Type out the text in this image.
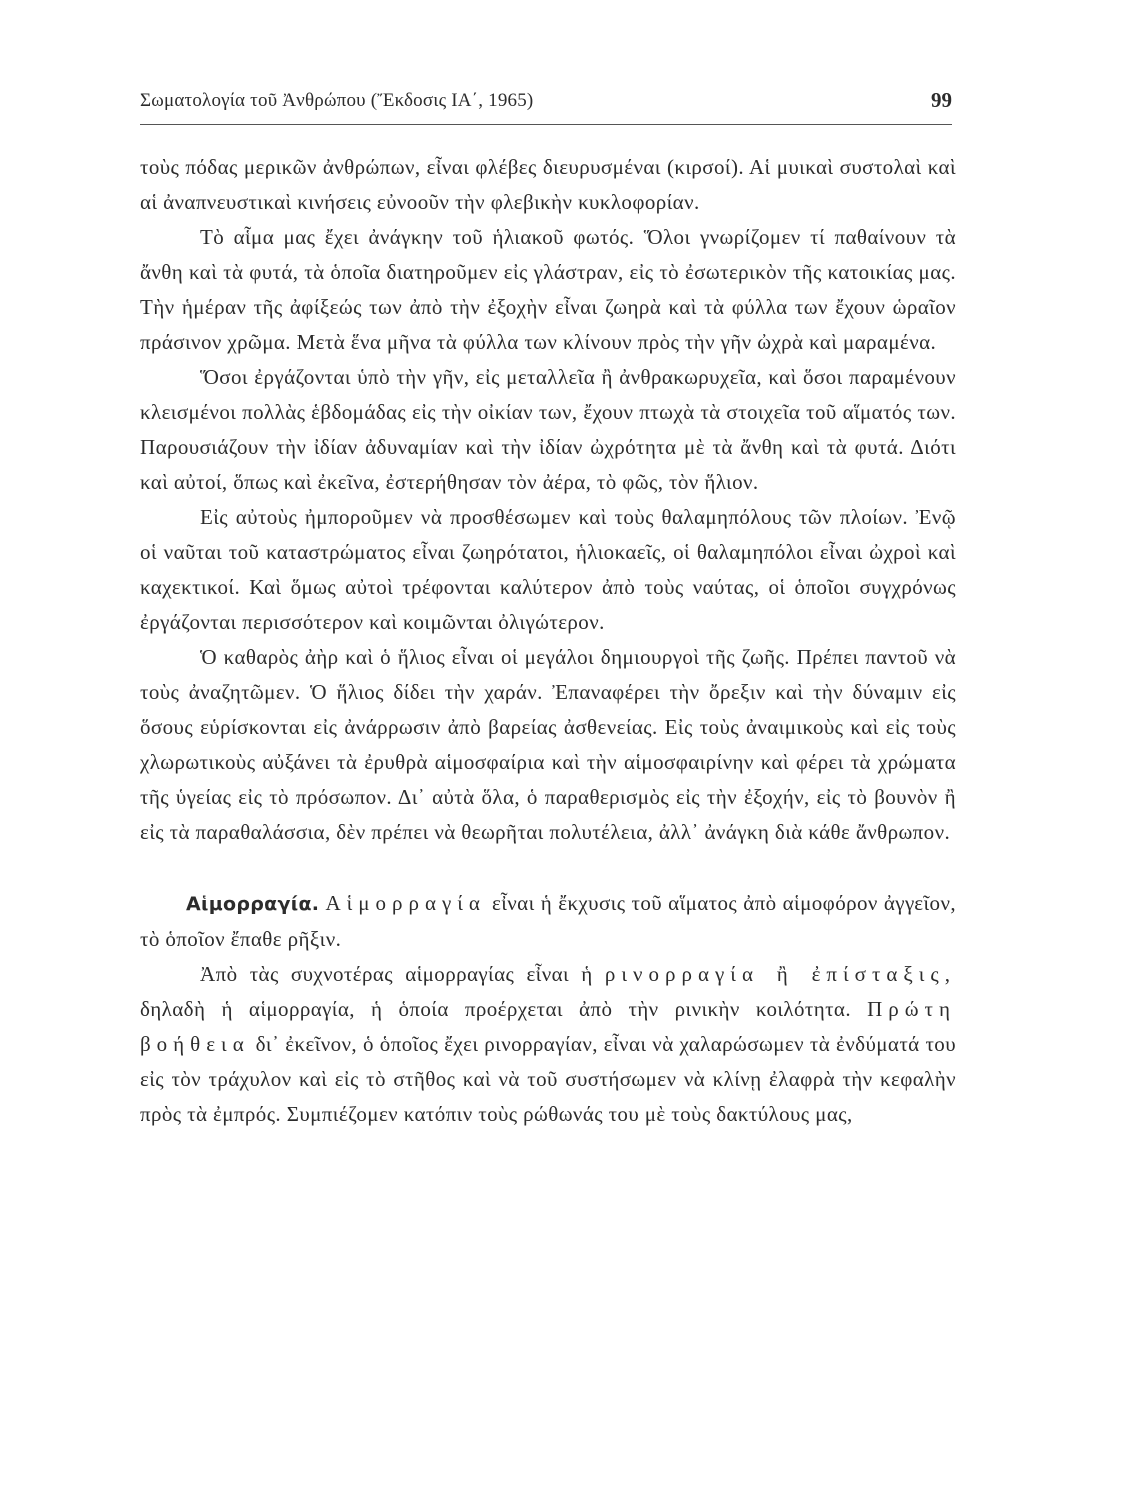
Σωματολογία τοῦ Ἀνθρώπου (Ἔκδοσις ΙΑ΄, 1965)	99

τοὺς πόδας μερικῶν ἀνθρώπων, εἶναι φλέβες διευρυσμέναι (κιρσοί). Αἱ μυικαὶ συστολαὶ καὶ αἱ ἀναπνευστικαὶ κινήσεις εὐνοοῦν τὴν φλεβικὴν κυκλοφορίαν.

Τὸ αἷμα μας ἔχει ἀνάγκην τοῦ ἡλιακοῦ φωτός. Ὅλοι γνωρίζομεν τί παθαίνουν τὰ ἄνθη καὶ τὰ φυτά, τὰ ὁποῖα διατηροῦμεν εἰς γλάστραν, εἰς τὸ ἐσωτερικὸν τῆς κατοικίας μας. Τὴν ἡμέραν τῆς ἀφίξεώς των ἀπὸ τὴν ἐξοχὴν εἶναι ζωηρὰ καὶ τὰ φύλλα των ἔχουν ὡραῖον πράσινον χρῶμα. Μετὰ ἕνα μῆνα τὰ φύλλα των κλίνουν πρὸς τὴν γῆν ὠχρὰ καὶ μαραμένα.

Ὅσοι ἐργάζονται ὑπὸ τὴν γῆν, εἰς μεταλλεῖα ἢ ἀνθρακωρυχεῖα, καὶ ὅσοι παραμένουν κλεισμένοι πολλὰς ἑβδομάδας εἰς τὴν οἰκίαν των, ἔχουν πτωχὰ τὰ στοιχεῖα τοῦ αἵματός των. Παρουσιάζουν τὴν ἰδίαν ἀδυναμίαν καὶ τὴν ἰδίαν ὠχρότητα μὲ τὰ ἄνθη καὶ τὰ φυτά. Διότι καὶ αὐτοί, ὅπως καὶ ἐκεῖνα, ἐστερήθησαν τὸν ἀέρα, τὸ φῶς, τὸν ἥλιον.

Εἰς αὐτοὺς ἠμποροῦμεν νὰ προσθέσωμεν καὶ τοὺς θαλαμηπόλους τῶν πλοίων. Ἐνῷ οἱ ναῦται τοῦ καταστρώματος εἶναι ζωηρότατοι, ἡλιοκαεῖς, οἱ θαλαμηπόλοι εἶναι ὠχροὶ καὶ καχεκτικοί. Καὶ ὅμως αὐτοὶ τρέφονται καλύτερον ἀπὸ τοὺς ναύτας, οἱ ὁποῖοι συγχρόνως ἐργάζονται περισσότερον καὶ κοιμῶνται ὀλιγώτερον.

Ὁ καθαρὸς ἀὴρ καὶ ὁ ἥλιος εἶναι οἱ μεγάλοι δημιουργοὶ τῆς ζωῆς. Πρέπει παντοῦ νὰ τοὺς ἀναζητῶμεν. Ὁ ἥλιος δίδει τὴν χαράν. Ἐπαναφέρει τὴν ὄρεξιν καὶ τὴν δύναμιν εἰς ὅσους εὑρίσκονται εἰς ἀνάρρωσιν ἀπὸ βαρείας ἀσθενείας. Εἰς τοὺς ἀναιμικοὺς καὶ εἰς τοὺς χλωρωτικοὺς αὐξάνει τὰ ἐρυθρὰ αἱμοσφαίρια καὶ τὴν αἱμοσφαιρίνην καὶ φέρει τὰ χρώματα τῆς ὑγείας εἰς τὸ πρόσωπον. Δι᾿ αὐτὰ ὅλα, ὁ παραθερισμὸς εἰς τὴν ἐξοχήν, εἰς τὸ βουνὸν ἢ εἰς τὰ παραθαλάσσια, δὲν πρέπει νὰ θεωρῆται πολυτέλεια, ἀλλ᾿ ἀνάγκη διὰ κάθε ἄνθρωπον.

Αἱμορραγία. Αἱμορραγία εἶναι ἡ ἔκχυσις τοῦ αἵματος ἀπὸ αἱμοφόρον ἀγγεῖον, τὸ ὁποῖον ἔπαθε ρῆξιν.

Ἀπὸ τὰς συχνοτέρας αἱμορραγίας εἶναι ἡ ρινορραγία ἢ ἐπίσταξις, δηλαδὴ ἡ αἱμορραγία, ἡ ὁποία προέρχεται ἀπὸ τὴν ρινικὴν κοιλότητα. Πρώτη βοήθεια δι᾿ ἐκεῖνον, ὁ ὁποῖος ἔχει ρινορραγίαν, εἶναι νὰ χαλαρώσωμεν τὰ ἐνδύματά του εἰς τὸν τράχυλον καὶ εἰς τὸ στῆθος καὶ νὰ τοῦ συστήσωμεν νὰ κλίνῃ ἐλαφρὰ τὴν κεφαλὴν πρὸς τὰ ἐμπρός. Συμπιέζομεν κατόπιν τοὺς ρώθωνάς του μὲ τοὺς δακτύλους μας,
